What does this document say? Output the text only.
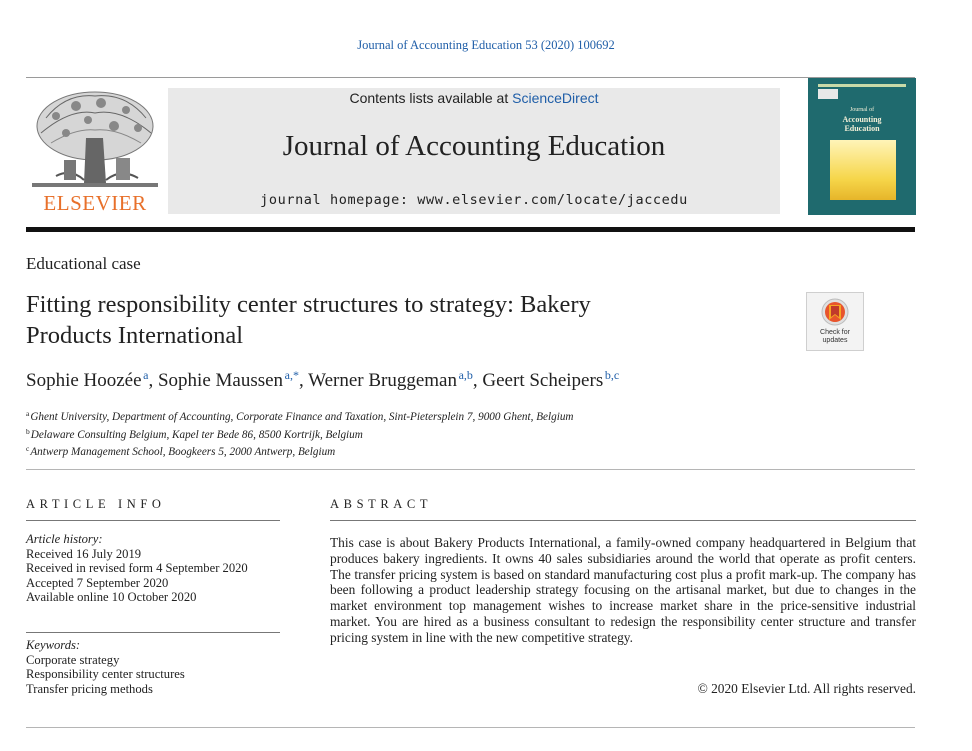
Journal of Accounting Education 53 (2020) 100692
ELSEVIER
Contents lists available at ScienceDirect
Journal of Accounting Education
journal homepage: www.elsevier.com/locate/jaccedu
Journal of
Accounting
Education
Educational case
Fitting responsibility center structures to strategy: Bakery
Products International	Check for
updates
Sophie Hoozée  $^a$, Sophie Maussen  $^{a,*}$, Werner Bruggeman  $^{a,b}$, Geert Scheipers  $^{b,c}$
$^a$Ghent University, Department of Accounting, Corporate Finance and Taxation, Sint-Pietersplein 7, 9000 Ghent, Belgium
$^b$Delaware Consulting Belgium, Kapel ter Bede 86, 8500 Kortrijk, Belgium
$^c$Antwerp Management School, Boogkeers 5, 2000 Antwerp, Belgium
ARTICLE INFO	ABSTRACT
Article history:
Received 16 July 2019
Received in revised form 4 September 2020
Accepted 7 September 2020
Available online 10 October 2020
Keywords:
Corporate strategy
Responsibility center structures
Transfer pricing methods
This case is about Bakery Products International, a family-owned company headquartered in Belgium that produces bakery ingredients. It owns 40 sales subsidiaries around the world that operate as profit centers. The transfer pricing system is based on standard manufacturing cost plus a profit mark-up. The company has been following a product leadership strategy focusing on the artisanal market, but due to changes in the market environment top management wishes to increase market share in the price-sensitive industrial market. You are hired as a business consultant to redesign the responsibility center structure and transfer pricing system in line with the new competitive strategy.
© 2020 Elsevier Ltd. All rights reserved.
